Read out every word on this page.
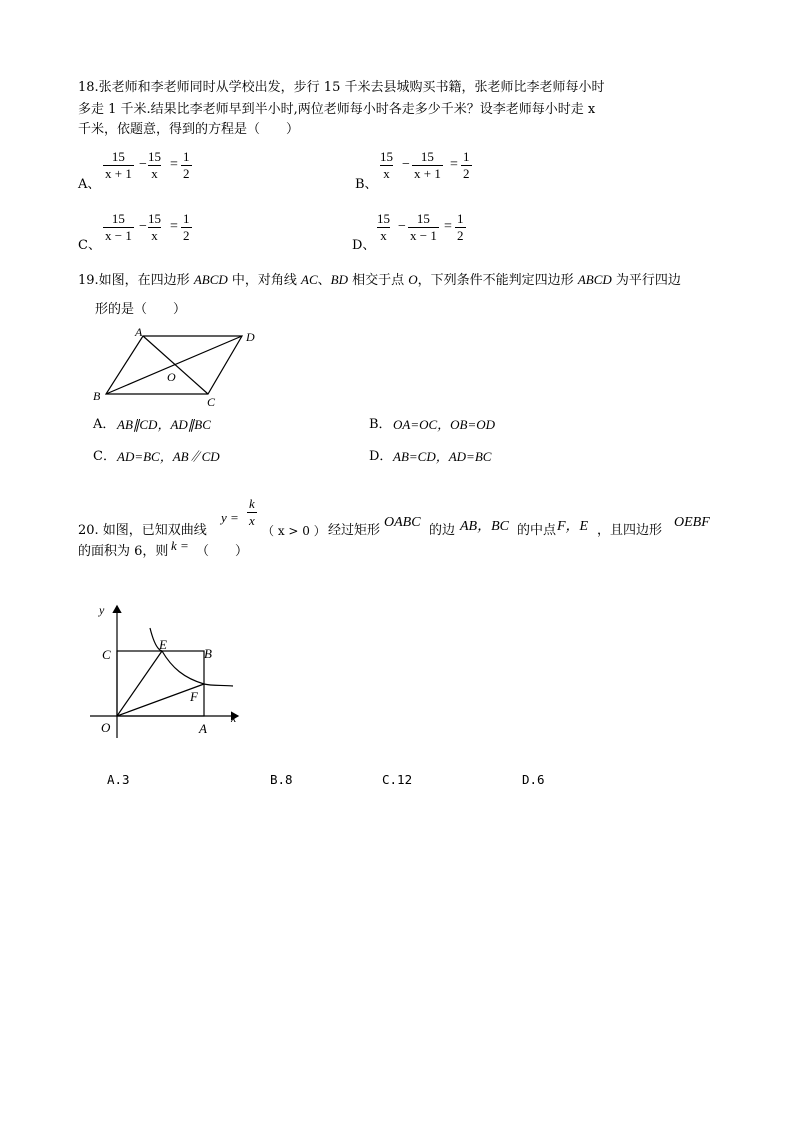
18.张老师和李老师同时从学校出发，步行 15 千米去县城购买书籍，张老师比李老师每小时
多走 1 千米.结果比李老师早到半小时,两位老师每小时各走多少千米？设李老师每小时走 x
千米，依题意，得到的方程是（　　）
A、
$\frac{15}{x + 1} - \frac{15}{x} = \frac{1}{2}$
B、
$\frac{15}{x} - \frac{15}{x + 1} = \frac{1}{2}$
C、
$\frac{15}{x - 1} - \frac{15}{x} = \frac{1}{2}$
D、
$\frac{15}{x} - \frac{15}{x - 1} = \frac{1}{2}$
19.如图，在四边形 ABCD 中，对角线 AC、BD 相交于点 O，下列条件不能判定四边形 ABCD 为平行四边
形的是（　　）
A	D
B	C
O
A． AB∥CD，AD∥BC	B． OA=OC，OB=OD
C． AD=BC，AB∥CD	D． AB=CD，AD=BC
20. 如图，已知双曲线
$y = \frac{k}{x}$
（ x > 0 ） 经过矩形
OABC
的边 AB，BC 的中点 F，E ，且四边形
OEBF
的面积为 6，则 k = （　　）
y
x
C	B
E
F
O	A
A.3	B.8	C.12	D.6
